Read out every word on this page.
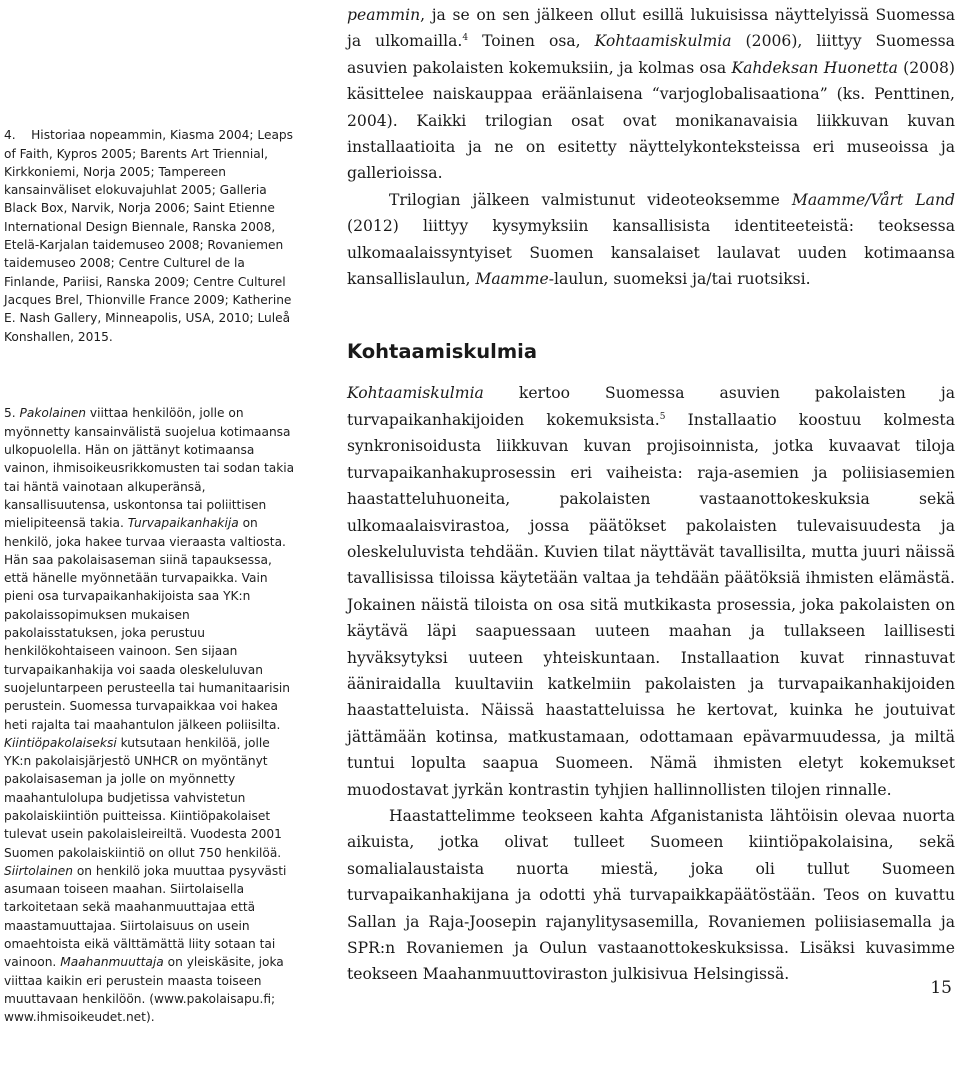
4. Historiaa nopeammin, Kiasma 2004; Leaps of Faith, Kypros 2005; Barents Art Triennial, Kirkkoniemi, Norja 2005; Tampereen kansainväliset elokuvajuhlat 2005; Galleria Black Box, Narvik, Norja 2006; Saint Etienne International Design Biennale, Ranska 2008, Etelä-Karjalan taidemuseo 2008; Rovaniemen taidemuseo 2008; Centre Culturel de la Finlande, Pariisi, Ranska 2009; Centre Culturel Jacques Brel, Thionville France 2009; Katherine E. Nash Gallery, Minneapolis, USA, 2010; Luleå Konshallen, 2015.

5. Pakolainen viittaa henkilöön, jolle on myönnetty kansainvälistä suojelua kotimaansa ulkopuolella. Hän on jättänyt kotimaansa vainon, ihmisoikeusrikkomusten tai sodan takia tai häntä vainotaan alkuperänsä, kansallisuutensa, uskontonsa tai poliittisen mielipiteensä takia. Turvapaikanhakija on henkilö, joka hakee turvaa vieraasta valtiosta. Hän saa pakolaisaseman siinä tapauksessa, että hänelle myönnetään turvapaikka. Vain pieni osa turvapaikanhakijoista saa YK:n pakolaissopimuksen mukaisen pakolaisstatuksen, joka perustuu henkilökohtaiseen vainoon. Sen sijaan turvapaikanhakija voi saada oleskeluluvan suojeluntarpeen perusteella tai humanitaarisin perustein. Suomessa turvapaikkaa voi hakea heti rajalta tai maahantulon jälkeen poliisilta. Kiintiöpakolaiseksi kutsutaan henkilöä, jolle YK:n pakolaisjärjestö UNHCR on myöntänyt pakolaisaseman ja jolle on myönnetty maahantulolupa budjetissa vahvistetun pakolaiskiintiön puitteissa. Kiintiöpakolaiset tulevat usein pakolaisleireiltä. Vuodesta 2001 Suomen pakolaiskiintiö on ollut 750 henkilöä. Siirtolainen on henkilö joka muuttaa pysyvästi asumaan toiseen maahan. Siirtolaisella tarkoitetaan sekä maahanmuuttajaa että maastamuuttajaa. Siirtolaisuus on usein omaehtoista eikä välttämättä liity sotaan tai vainoon. Maahanmuuttaja on yleiskäsite, joka viittaa kaikin eri perustein maasta toiseen muuttavaan henkilöön. (www.pakolaisapu.fi; www.ihmisoikeudet.net).

peammin, ja se on sen jälkeen ollut esillä lukuisissa näyttelyissä Suomessa ja ulkomailla.$^4$ Toinen osa, Kohtaamiskulmia (2006), liittyy Suomessa asuvien pakolaisten kokemuksiin, ja kolmas osa Kahdeksan Huonetta (2008) käsittelee naiskauppaa eräänlaisena “varjoglobalisaationa” (ks. Penttinen, 2004). Kaikki trilogian osat ovat monikanavaisia liikkuvan kuvan installaatioita ja ne on esitetty näyttelykonteksteissa eri museoissa ja gallerioissa.

Trilogian jälkeen valmistunut videoteoksemme Maamme/Vårt Land (2012) liittyy kysymyksiin kansallisista identiteeteistä: teoksessa ulkomaalaissyntyiset Suomen kansalaiset laulavat uuden kotimaansa kansallislaulun, Maamme-laulun, suomeksi ja/tai ruotsiksi.

Kohtaamiskulmia

Kohtaamiskulmia kertoo Suomessa asuvien pakolaisten ja turvapaikanhakijoiden kokemuksista.$^5$ Installaatio koostuu kolmesta synkronisoidusta liikkuvan kuvan projisoinnista, jotka kuvaavat tiloja turvapaikanhakuprosessin eri vaiheista: raja-asemien ja poliisiasemien haastatteluhuoneita, pakolaisten vastaanottokeskuksia sekä ulkomaalaisvirastoa, jossa päätökset pakolaisten tulevaisuudesta ja oleskeluluvista tehdään. Kuvien tilat näyttävät tavallisilta, mutta juuri näissä tavallisissa tiloissa käytetään valtaa ja tehdään päätöksiä ihmisten elämästä. Jokainen näistä tiloista on osa sitä mutkikasta prosessia, joka pakolaisten on käytävä läpi saapuessaan uuteen maahan ja tullakseen laillisesti hyväksytyksi uuteen yhteiskuntaan. Installaation kuvat rinnastuvat ääniraidalla kuultaviin katkelmiin pakolaisten ja turvapaikanhakijoiden haastatteluista. Näissä haastatteluissa he kertovat, kuinka he joutuivat jättämään kotinsa, matkustamaan, odottamaan epävarmuudessa, ja miltä tuntui lopulta saapua Suomeen. Nämä ihmisten eletyt kokemukset muodostavat jyrkän kontrastin tyhjien hallinnollisten tilojen rinnalle.

Haastattelimme teokseen kahta Afganistanista lähtöisin olevaa nuorta aikuista, jotka olivat tulleet Suomeen kiintiöpakolaisina, sekä somalialaustaista nuorta miestä, joka oli tullut Suomeen turvapaikanhakijana ja odotti yhä turvapaikkapäätöstään. Teos on kuvattu Sallan ja Raja-Joosepin rajanylitysasemilla, Rovaniemen poliisiasemalla ja SPR:n Rovaniemen ja Oulun vastaanottokeskuksissa. Lisäksi kuvasimme teokseen Maahanmuuttoviraston julkisivua Helsingissä.

15
